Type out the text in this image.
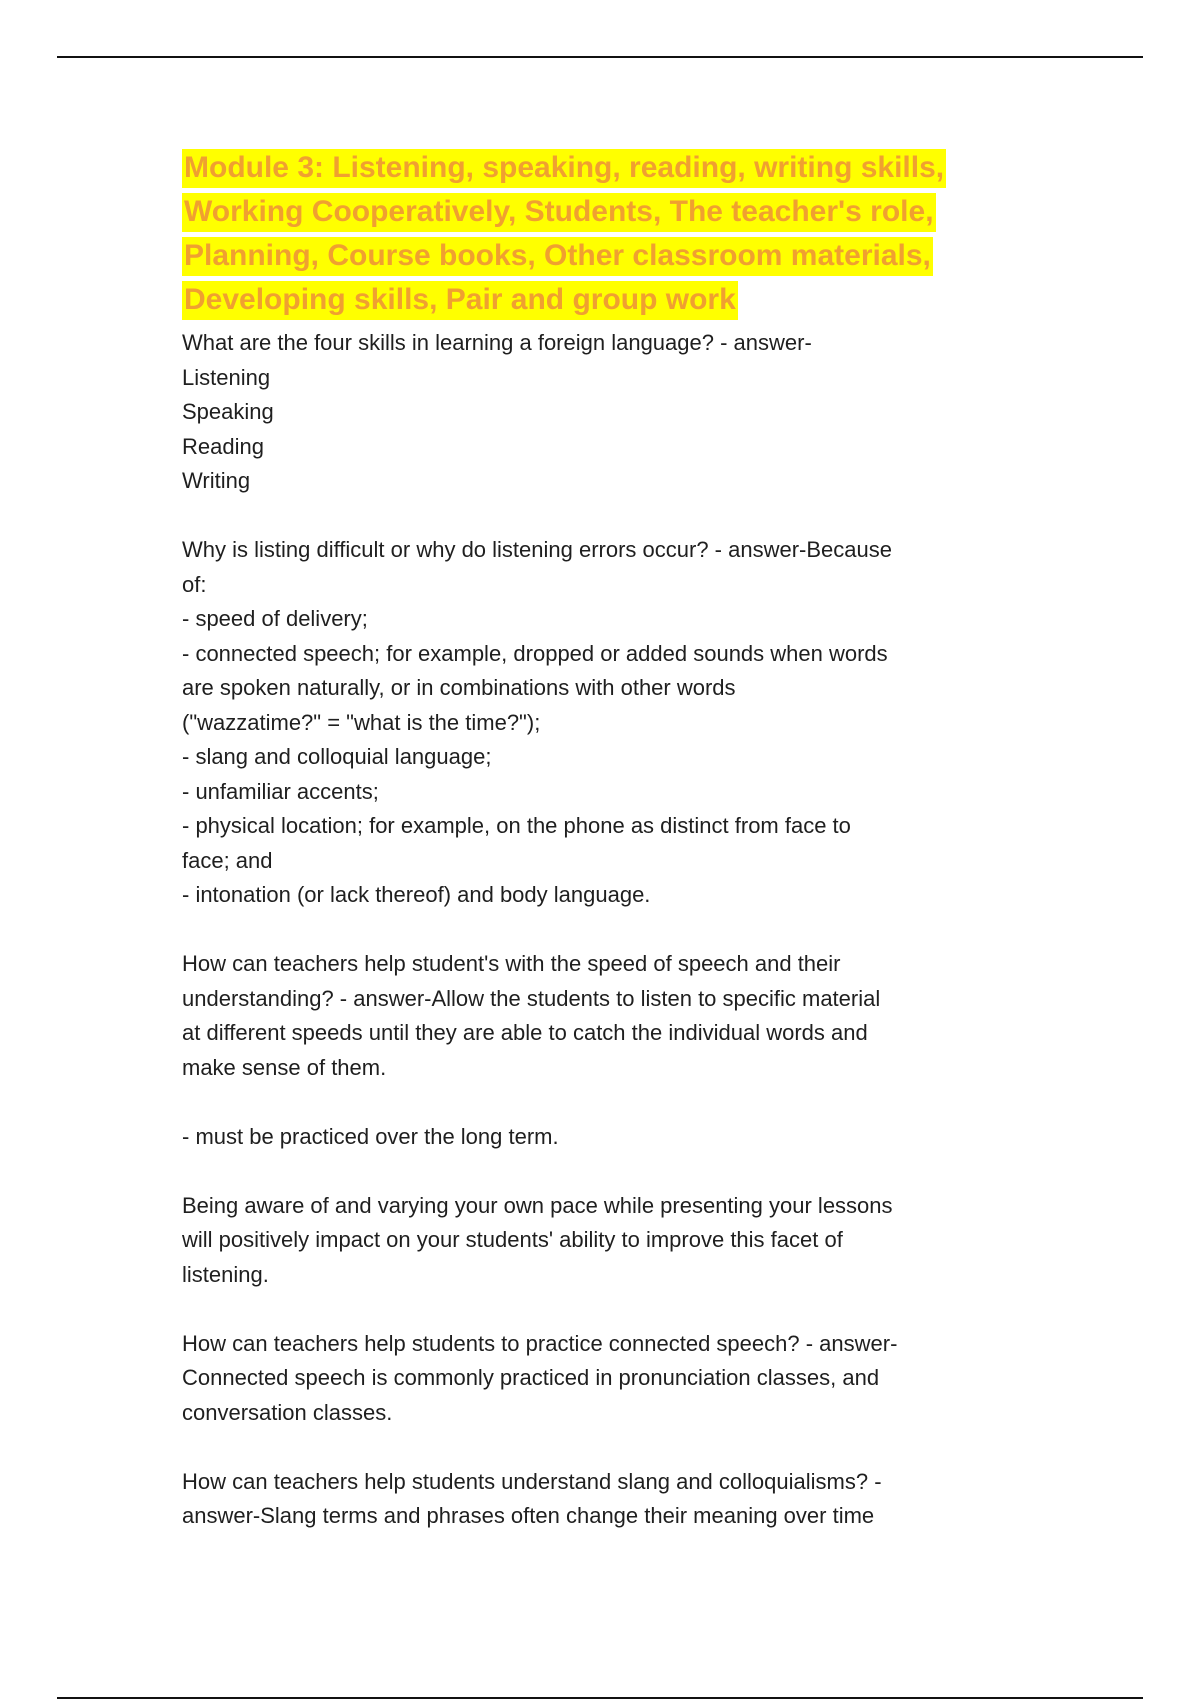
Module 3: Listening, speaking, reading, writing skills,
Working Cooperatively, Students, The teacher's role,
Planning, Course books, Other classroom materials,
Developing skills, Pair and group work
What are the four skills in learning a foreign language? - answer-
Listening
Speaking
Reading
Writing
Why is listing difficult or why do listening errors occur? - answer-Because
of:
- speed of delivery;
- connected speech; for example, dropped or added sounds when words
are spoken naturally, or in combinations with other words
("wazzatime?" = "what is the time?");
- slang and colloquial language;
- unfamiliar accents;
- physical location; for example, on the phone as distinct from face to
face; and
- intonation (or lack thereof) and body language.
How can teachers help student's with the speed of speech and their
understanding? - answer-Allow the students to listen to specific material
at different speeds until they are able to catch the individual words and
make sense of them.
- must be practiced over the long term.
Being aware of and varying your own pace while presenting your lessons
will positively impact on your students' ability to improve this facet of
listening.
How can teachers help students to practice connected speech? - answer-
Connected speech is commonly practiced in pronunciation classes, and
conversation classes.
How can teachers help students understand slang and colloquialisms? -
answer-Slang terms and phrases often change their meaning over time
